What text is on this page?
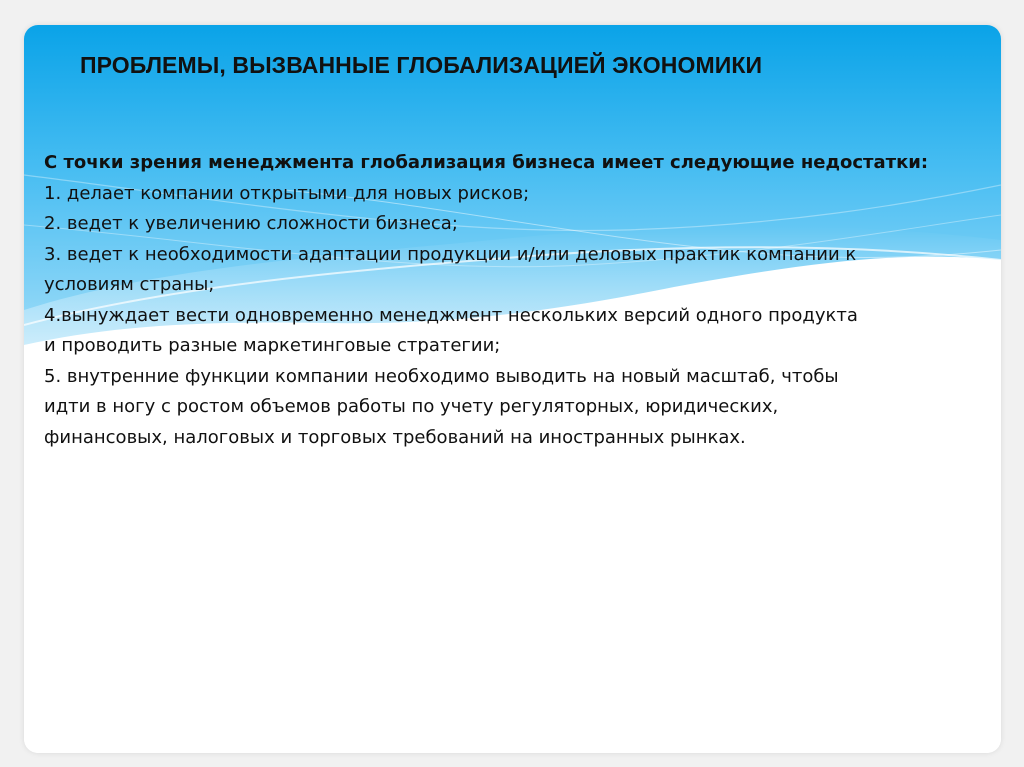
ПРОБЛЕМЫ, ВЫЗВАННЫЕ ГЛОБАЛИЗАЦИЕЙ ЭКОНОМИКИ
С точки зрения менеджмента глобализация бизнеса имеет следующие недостатки:
1. делает компании открытыми для новых рисков;
2. ведет к увеличению сложности бизнеса;
3. ведет к необходимости адаптации продукции и/или деловых практик компании к
условиям страны;
4.вынуждает вести одновременно менеджмент нескольких версий одного продукта
и проводить разные маркетинговые стратегии;
5. внутренние функции компании необходимо выводить на новый масштаб, чтобы
идти в ногу с ростом объемов работы по учету регуляторных, юридических,
финансовых, налоговых и торговых требований на иностранных рынках.
